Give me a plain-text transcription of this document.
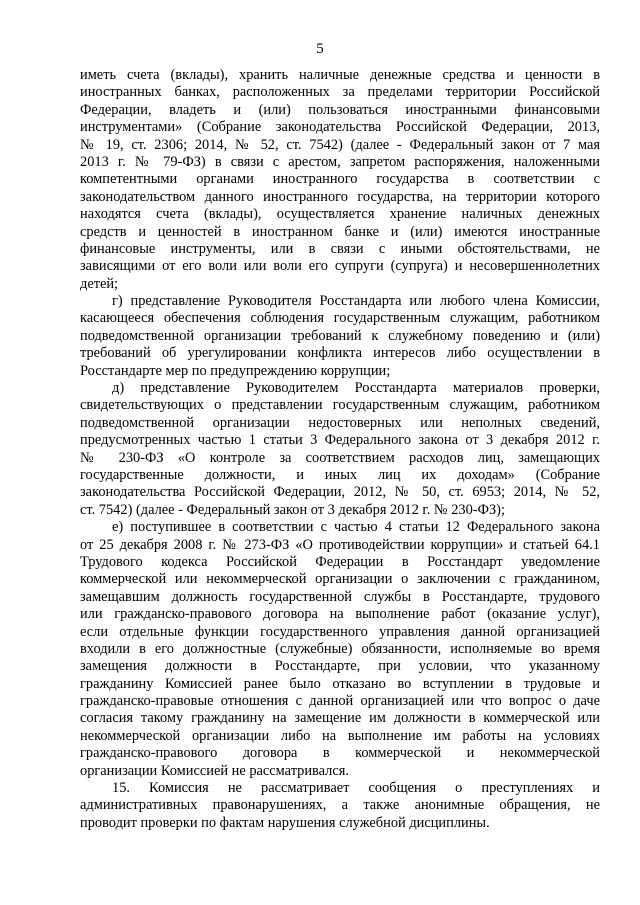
5
иметь счета (вклады), хранить наличные денежные средства и ценности в
иностранных банках, расположенных за пределами территории Российской
Федерации, владеть и (или) пользоваться иностранными финансовыми
инструментами» (Собрание законодательства Российской Федерации, 2013,
№ 19, ст. 2306; 2014, № 52, ст. 7542) (далее - Федеральный закон от 7 мая
2013 г. № 79-ФЗ) в связи с арестом, запретом распоряжения, наложенными
компетентными органами иностранного государства в соответствии с
законодательством данного иностранного государства, на территории которого
находятся счета (вклады), осуществляется хранение наличных денежных
средств и ценностей в иностранном банке и (или) имеются иностранные
финансовые инструменты, или в связи с иными обстоятельствами, не
зависящими от его воли или воли его супруги (супруга) и несовершеннолетних
детей;
г) представление Руководителя Росстандарта или любого члена Комиссии,
касающееся обеспечения соблюдения государственным служащим, работником
подведомственной организации требований к служебному поведению и (или)
требований об урегулировании конфликта интересов либо осуществлении в
Росстандарте мер по предупреждению коррупции;
д) представление Руководителем Росстандарта материалов проверки,
свидетельствующих о представлении государственным служащим, работником
подведомственной организации недостоверных или неполных сведений,
предусмотренных частью 1 статьи 3 Федерального закона от 3 декабря 2012 г.
№ 230-ФЗ «О контроле за соответствием расходов лиц, замещающих
государственные должности, и иных лиц их доходам» (Собрание
законодательства Российской Федерации, 2012, № 50, ст. 6953; 2014, № 52,
ст. 7542) (далее - Федеральный закон от 3 декабря 2012 г. № 230-ФЗ);
е) поступившее в соответствии с частью 4 статьи 12 Федерального закона
от 25 декабря 2008 г. № 273-ФЗ «О противодействии коррупции» и статьей 64.1
Трудового кодекса Российской Федерации в Росстандарт уведомление
коммерческой или некоммерческой организации о заключении с гражданином,
замещавшим должность государственной службы в Росстандарте, трудового
или гражданско-правового договора на выполнение работ (оказание услуг),
если отдельные функции государственного управления данной организацией
входили в его должностные (служебные) обязанности, исполняемые во время
замещения должности в Росстандарте, при условии, что указанному
гражданину Комиссией ранее было отказано во вступлении в трудовые и
гражданско-правовые отношения с данной организацией или что вопрос о даче
согласия такому гражданину на замещение им должности в коммерческой или
некоммерческой организации либо на выполнение им работы на условиях
гражданско-правового договора в коммерческой и некоммерческой
организации Комиссией не рассматривался.
15. Комиссия не рассматривает сообщения о преступлениях и
административных правонарушениях, а также анонимные обращения, не
проводит проверки по фактам нарушения служебной дисциплины.
